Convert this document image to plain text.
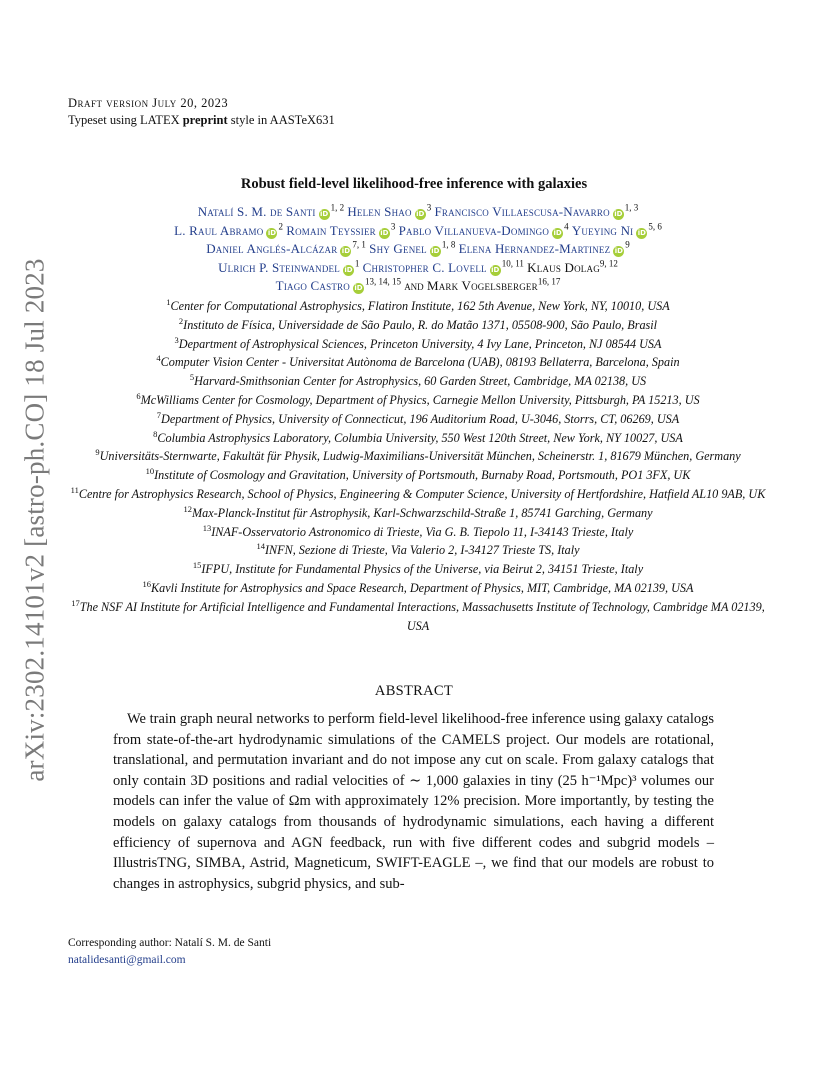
arXiv:2302.14101v2 [astro-ph.CO] 18 Jul 2023
Draft version July 20, 2023
Typeset using LATEX preprint style in AASTeX631
Robust field-level likelihood-free inference with galaxies
Natalí S. M. de Santi iD$^{1, 2}$ Helen Shao $iD^3$ Francisco Villaescusa-Navarro iD$^{1, 3}$
L. Raul Abramo $iD^2$ Romain Teyssier $iD^3$ Pablo Villanueva-Domingo $iD^4$ Yueying Ni iD$^{5, 6}$
Daniel Anglés-Alcázar iD$^{7, 1}$ Shy Genel iD$^{1, 8}$ Elena Hernandez-Martinez $iD^9$
Ulrich P. Steinwandel $iD^1$ Christopher C. Lovell iD$^{10, 11}$ Klaus Dolag$^{9, 12}$
Tiago Castro iD$^{13, 14, 15}$ and Mark Vogelsberger$^{16, 17}$
$^1$Center for Computational Astrophysics, Flatiron Institute, 162 5th Avenue, New York, NY, 10010, USA
$^2$Instituto de Física, Universidade de São Paulo, R. do Matão 1371, 05508-900, São Paulo, Brasil
$^3$Department of Astrophysical Sciences, Princeton University, 4 Ivy Lane, Princeton, NJ 08544 USA
$^4$Computer Vision Center - Universitat Autònoma de Barcelona (UAB), 08193 Bellaterra, Barcelona, Spain
$^5$Harvard-Smithsonian Center for Astrophysics, 60 Garden Street, Cambridge, MA 02138, US
$^6$McWilliams Center for Cosmology, Department of Physics, Carnegie Mellon University, Pittsburgh, PA 15213, US
$^7$Department of Physics, University of Connecticut, 196 Auditorium Road, U-3046, Storrs, CT, 06269, USA
$^8$Columbia Astrophysics Laboratory, Columbia University, 550 West 120th Street, New York, NY 10027, USA
$^9$Universitäts-Sternwarte, Fakultät für Physik, Ludwig-Maximilians-Universität München, Scheinerstr. 1, 81679 München, Germany
$^{10}$Institute of Cosmology and Gravitation, University of Portsmouth, Burnaby Road, Portsmouth, PO1 3FX, UK
$^{11}$Centre for Astrophysics Research, School of Physics, Engineering & Computer Science, University of Hertfordshire, Hatfield AL10 9AB, UK
$^{12}$Max-Planck-Institut für Astrophysik, Karl-Schwarzschild-Straße 1, 85741 Garching, Germany
$^{13}$INAF-Osservatorio Astronomico di Trieste, Via G. B. Tiepolo 11, I-34143 Trieste, Italy
$^{14}$INFN, Sezione di Trieste, Via Valerio 2, I-34127 Trieste TS, Italy
$^{15}$IFPU, Institute for Fundamental Physics of the Universe, via Beirut 2, 34151 Trieste, Italy
$^{16}$Kavli Institute for Astrophysics and Space Research, Department of Physics, MIT, Cambridge, MA 02139, USA
$^{17}$The NSF AI Institute for Artificial Intelligence and Fundamental Interactions, Massachusetts Institute of Technology, Cambridge MA 02139, USA
ABSTRACT
We train graph neural networks to perform field-level likelihood-free inference using galaxy catalogs from state-of-the-art hydrodynamic simulations of the CAMELS project. Our models are rotational, translational, and permutation invariant and do not impose any cut on scale. From galaxy catalogs that only contain 3D positions and radial velocities of ∼ 1,000 galaxies in tiny (25 h⁻¹Mpc)³ volumes our models can infer the value of Ωm with approximately 12% precision. More importantly, by testing the models on galaxy catalogs from thousands of hydrodynamic simulations, each having a different efficiency of supernova and AGN feedback, run with five different codes and subgrid models – IllustrisTNG, SIMBA, Astrid, Magneticum, SWIFT-EAGLE –, we find that our models are robust to changes in astrophysics, subgrid physics, and sub-
Corresponding author: Natalí S. M. de Santi
natalidesanti@gmail.com
